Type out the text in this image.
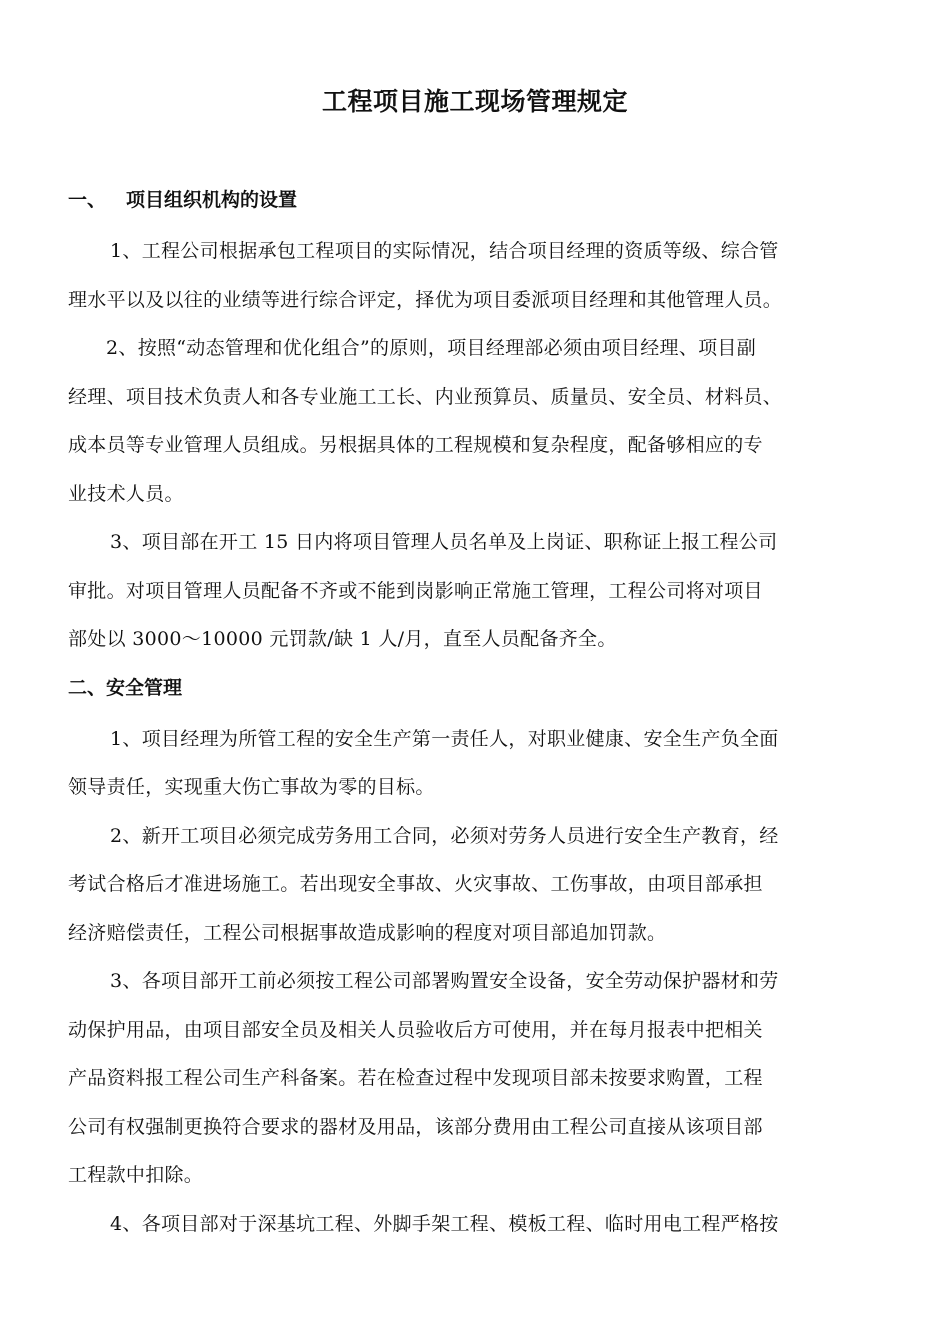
工程项目施工现场管理规定
一、 项目组织机构的设置
1、工程公司根据承包工程项目的实际情况，结合项目经理的资质等级、综合管
理水平以及以往的业绩等进行综合评定，择优为项目委派项目经理和其他管理人员。
2、按照“动态管理和优化组合”的原则，项目经理部必须由项目经理、项目副
经理、项目技术负责人和各专业施工工长、内业预算员、质量员、安全员、材料员、
成本员等专业管理人员组成。另根据具体的工程规模和复杂程度，配备够相应的专
业技术人员。
3、项目部在开工 15 日内将项目管理人员名单及上岗证、职称证上报工程公司
审批。对项目管理人员配备不齐或不能到岗影响正常施工管理，工程公司将对项目
部处以 3000～10000 元罚款/缺 1 人/月，直至人员配备齐全。
二、安全管理
1、项目经理为所管工程的安全生产第一责任人，对职业健康、安全生产负全面
领导责任，实现重大伤亡事故为零的目标。
2、新开工项目必须完成劳务用工合同，必须对劳务人员进行安全生产教育，经
考试合格后才准进场施工。若出现安全事故、火灾事故、工伤事故，由项目部承担
经济赔偿责任，工程公司根据事故造成影响的程度对项目部追加罚款。
3、各项目部开工前必须按工程公司部署购置安全设备，安全劳动保护器材和劳
动保护用品，由项目部安全员及相关人员验收后方可使用，并在每月报表中把相关
产品资料报工程公司生产科备案。若在检查过程中发现项目部未按要求购置，工程
公司有权强制更换符合要求的器材及用品，该部分费用由工程公司直接从该项目部
工程款中扣除。
4、各项目部对于深基坑工程、外脚手架工程、模板工程、临时用电工程严格按
